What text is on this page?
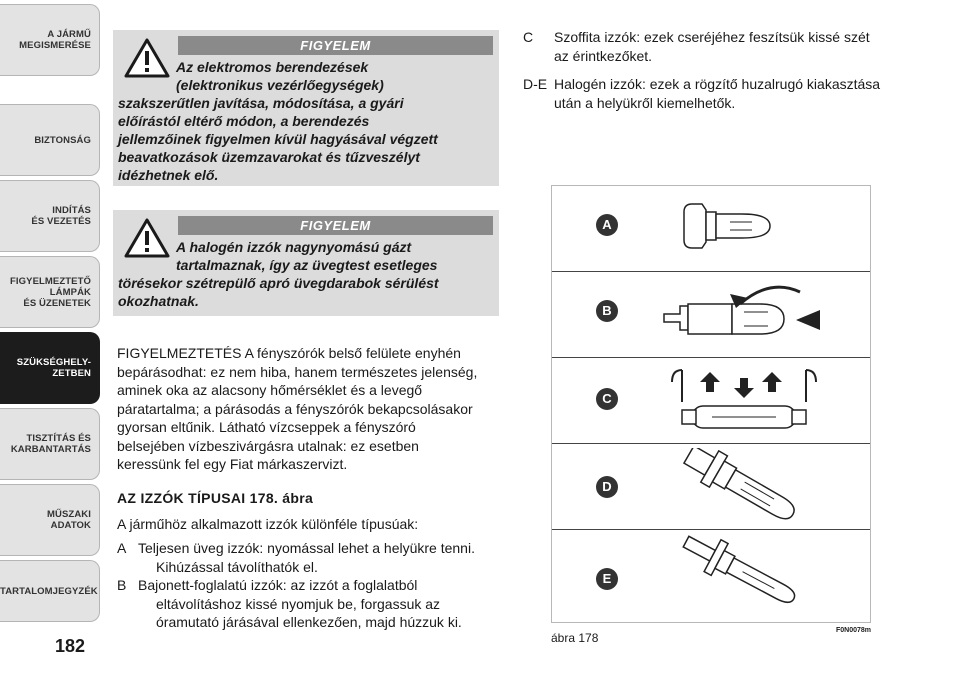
A JÁRMŰ
MEGISMERÉSE
BIZTONSÁG
INDÍTÁS
ÉS VEZETÉS
FIGYELMEZTETŐ
LÁMPÁK
ÉS ÜZENETEK
SZÜKSÉGHELY-
ZETBEN
TISZTÍTÁS ÉS
KARBANTARTÁS
MŰSZAKI
ADATOK
TARTALOMJEGYZÉK
182
FIGYELEM
Az elektromos berendezések
(elektronikus vezérlőegységek)
szakszerűtlen javítása, módosítása, a gyári
előírástól eltérő módon, a berendezés
jellemzőinek figyelmen kívül hagyásával végzett
beavatkozások üzemzavarokat és tűzveszélyt
idézhetnek elő.
FIGYELEM
A halogén izzók nagynyomású gázt
tartalmaznak, így az üvegtest esetleges
törésekor szétrepülő apró üvegdarabok sérülést
okozhatnak.
FIGYELMEZTETÉS A fényszórók belső felülete enyhén
bepárásodhat: ez nem hiba, hanem természetes jelenség,
aminek oka az alacsony hőmérséklet és a levegő
páratartalma; a párásodás a fényszórók bekapcsolásakor
gyorsan eltűnik. Látható vízcseppek a fényszóró
belsejében vízbeszivárgásra utalnak: ez esetben
keressünk fel egy Fiat márkaszervizt.
AZ IZZÓK TÍPUSAI 178. ábra
A járműhöz alkalmazott izzók különféle típusúak:
A Teljesen üveg izzók: nyomással lehet a helyükre tenni.
Kihúzással távolíthatók el.
B Bajonett-foglalatú izzók: az izzót a foglalatból
eltávolításhoz kissé nyomjuk be, forgassuk az
óramutató járásával ellenkezően, majd húzzuk ki.
C Szoffita izzók: ezek cseréjéhez feszítsük kissé szét
az érintkezőket.
D-E Halogén izzók: ezek a rögzítő huzalrugó kiakasztása
után a helyükről kiemelhetők.
A
B
C
D
E
ábra 178
F0N0078m
